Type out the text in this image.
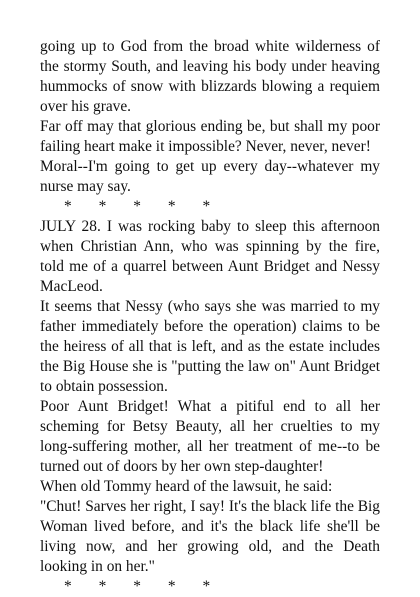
going up to God from the broad white wilderness of the stormy South, and leaving his body under heaving hummocks of snow with blizzards blowing a requiem over his grave.

Far off may that glorious ending be, but shall my poor failing heart make it impossible? Never, never, never!

Moral--I'm going to get up every day--whatever my nurse may say.

*       *       *       *       *

JULY 28. I was rocking baby to sleep this afternoon when Christian Ann, who was spinning by the fire, told me of a quarrel between Aunt Bridget and Nessy MacLeod.

It seems that Nessy (who says she was married to my father immediately before the operation) claims to be the heiress of all that is left, and as the estate includes the Big House she is "putting the law on" Aunt Bridget to obtain possession.

Poor Aunt Bridget! What a pitiful end to all her scheming for Betsy Beauty, all her cruelties to my long-suffering mother, all her treatment of me--to be turned out of doors by her own step-daughter!

When old Tommy heard of the lawsuit, he said:

"Chut! Sarves her right, I say! It's the black life the Big Woman lived before, and it's the black life she'll be living now, and her growing old, and the Death looking in on her."

*       *       *       *       *
